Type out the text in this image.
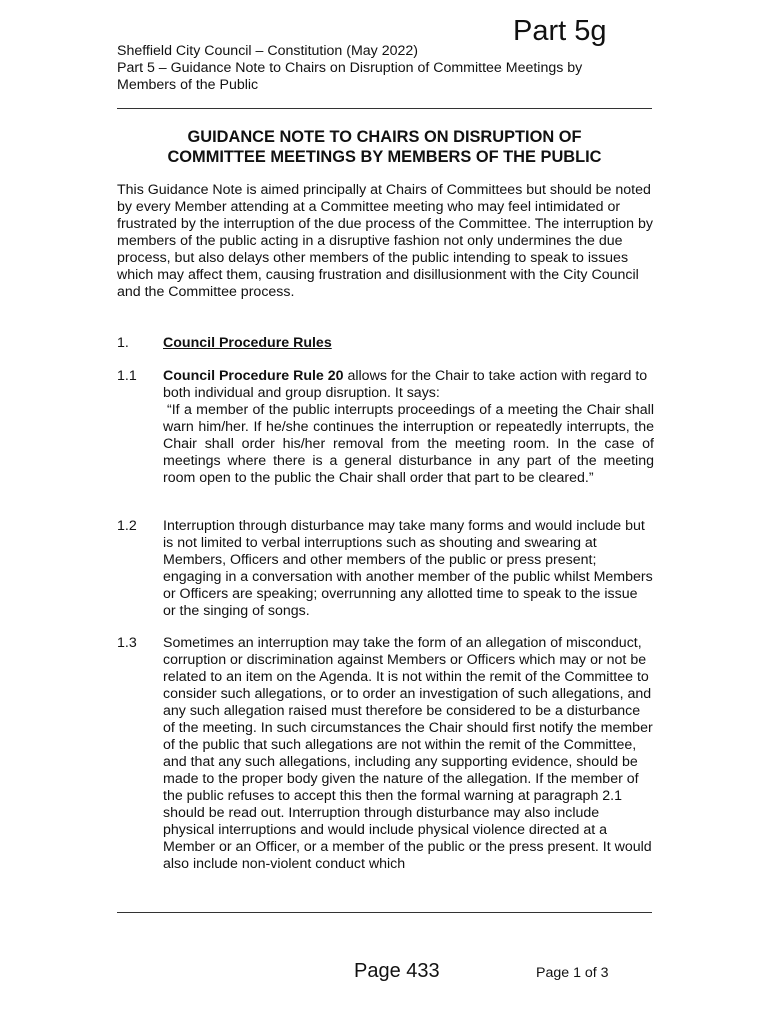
Part 5g
Sheffield City Council – Constitution (May 2022)
Part 5 – Guidance Note to Chairs on Disruption of Committee Meetings by
Members of the Public
GUIDANCE NOTE TO CHAIRS ON DISRUPTION OF
COMMITTEE MEETINGS BY MEMBERS OF THE PUBLIC
This Guidance Note is aimed principally at Chairs of Committees but should be noted by every Member attending at a Committee meeting who may feel intimidated or frustrated by the interruption of the due process of the Committee. The interruption by members of the public acting in a disruptive fashion not only undermines the due process, but also delays other members of the public intending to speak to issues which may affect them, causing frustration and disillusionment with the City Council and the Committee process.
1. Council Procedure Rules
1.1 Council Procedure Rule 20 allows for the Chair to take action with regard to both individual and group disruption. It says:
“If a member of the public interrupts proceedings of a meeting the Chair shall warn him/her. If he/she continues the interruption or repeatedly interrupts, the Chair shall order his/her removal from the meeting room. In the case of meetings where there is a general disturbance in any part of the meeting room open to the public the Chair shall order that part to be cleared.”
1.2 Interruption through disturbance may take many forms and would include but is not limited to verbal interruptions such as shouting and swearing at Members, Officers and other members of the public or press present; engaging in a conversation with another member of the public whilst Members or Officers are speaking; overrunning any allotted time to speak to the issue or the singing of songs.
1.3 Sometimes an interruption may take the form of an allegation of misconduct, corruption or discrimination against Members or Officers which may or not be related to an item on the Agenda. It is not within the remit of the Committee to consider such allegations, or to order an investigation of such allegations, and any such allegation raised must therefore be considered to be a disturbance of the meeting. In such circumstances the Chair should first notify the member of the public that such allegations are not within the remit of the Committee, and that any such allegations, including any supporting evidence, should be made to the proper body given the nature of the allegation. If the member of the public refuses to accept this then the formal warning at paragraph 2.1 should be read out. Interruption through disturbance may also include physical interruptions and would include physical violence directed at a Member or an Officer, or a member of the public or the press present. It would also include non-violent conduct which
Page 433	Page 1 of 3
